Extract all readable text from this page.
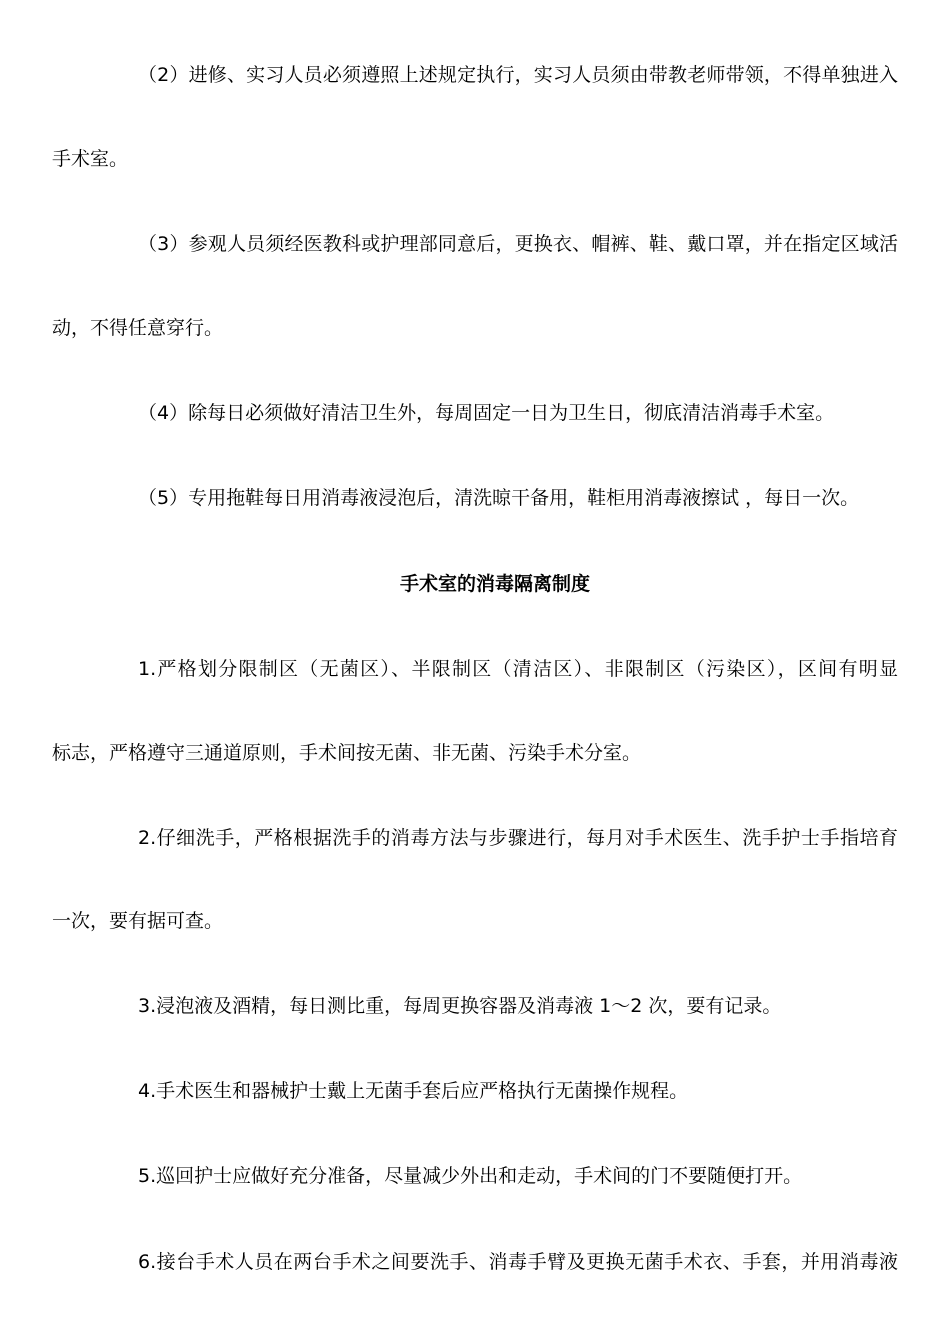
（2）进修、实习人员必须遵照上述规定执行，实习人员须由带教老师带领，不得单独进入
手术室。
（3）参观人员须经医教科或护理部同意后，更换衣、帽裤、鞋、戴口罩，并在指定区域活
动，不得任意穿行。
（4）除每日必须做好清洁卫生外，每周固定一日为卫生日，彻底清洁消毒手术室。
（5）专用拖鞋每日用消毒液浸泡后，清洗晾干备用，鞋柜用消毒液擦试 ，每日一次。
手术室的消毒隔离制度
1.严格划分限制区（无菌区）、半限制区（清洁区）、非限制区（污染区），区间有明显
标志，严格遵守三通道原则，手术间按无菌、非无菌、污染手术分室。
2.仔细洗手，严格根据洗手的消毒方法与步骤进行，每月对手术医生、洗手护士手指培育
一次，要有据可查。
3.浸泡液及酒精，每日测比重，每周更换容器及消毒液 1～2 次，要有记录。
4.手术医生和器械护士戴上无菌手套后应严格执行无菌操作规程。
5.巡回护士应做好充分准备，尽量减少外出和走动，手术间的门不要随便打开。
6.接台手术人员在两台手术之间要洗手、消毒手臂及更换无菌手术衣、手套，并用消毒液
